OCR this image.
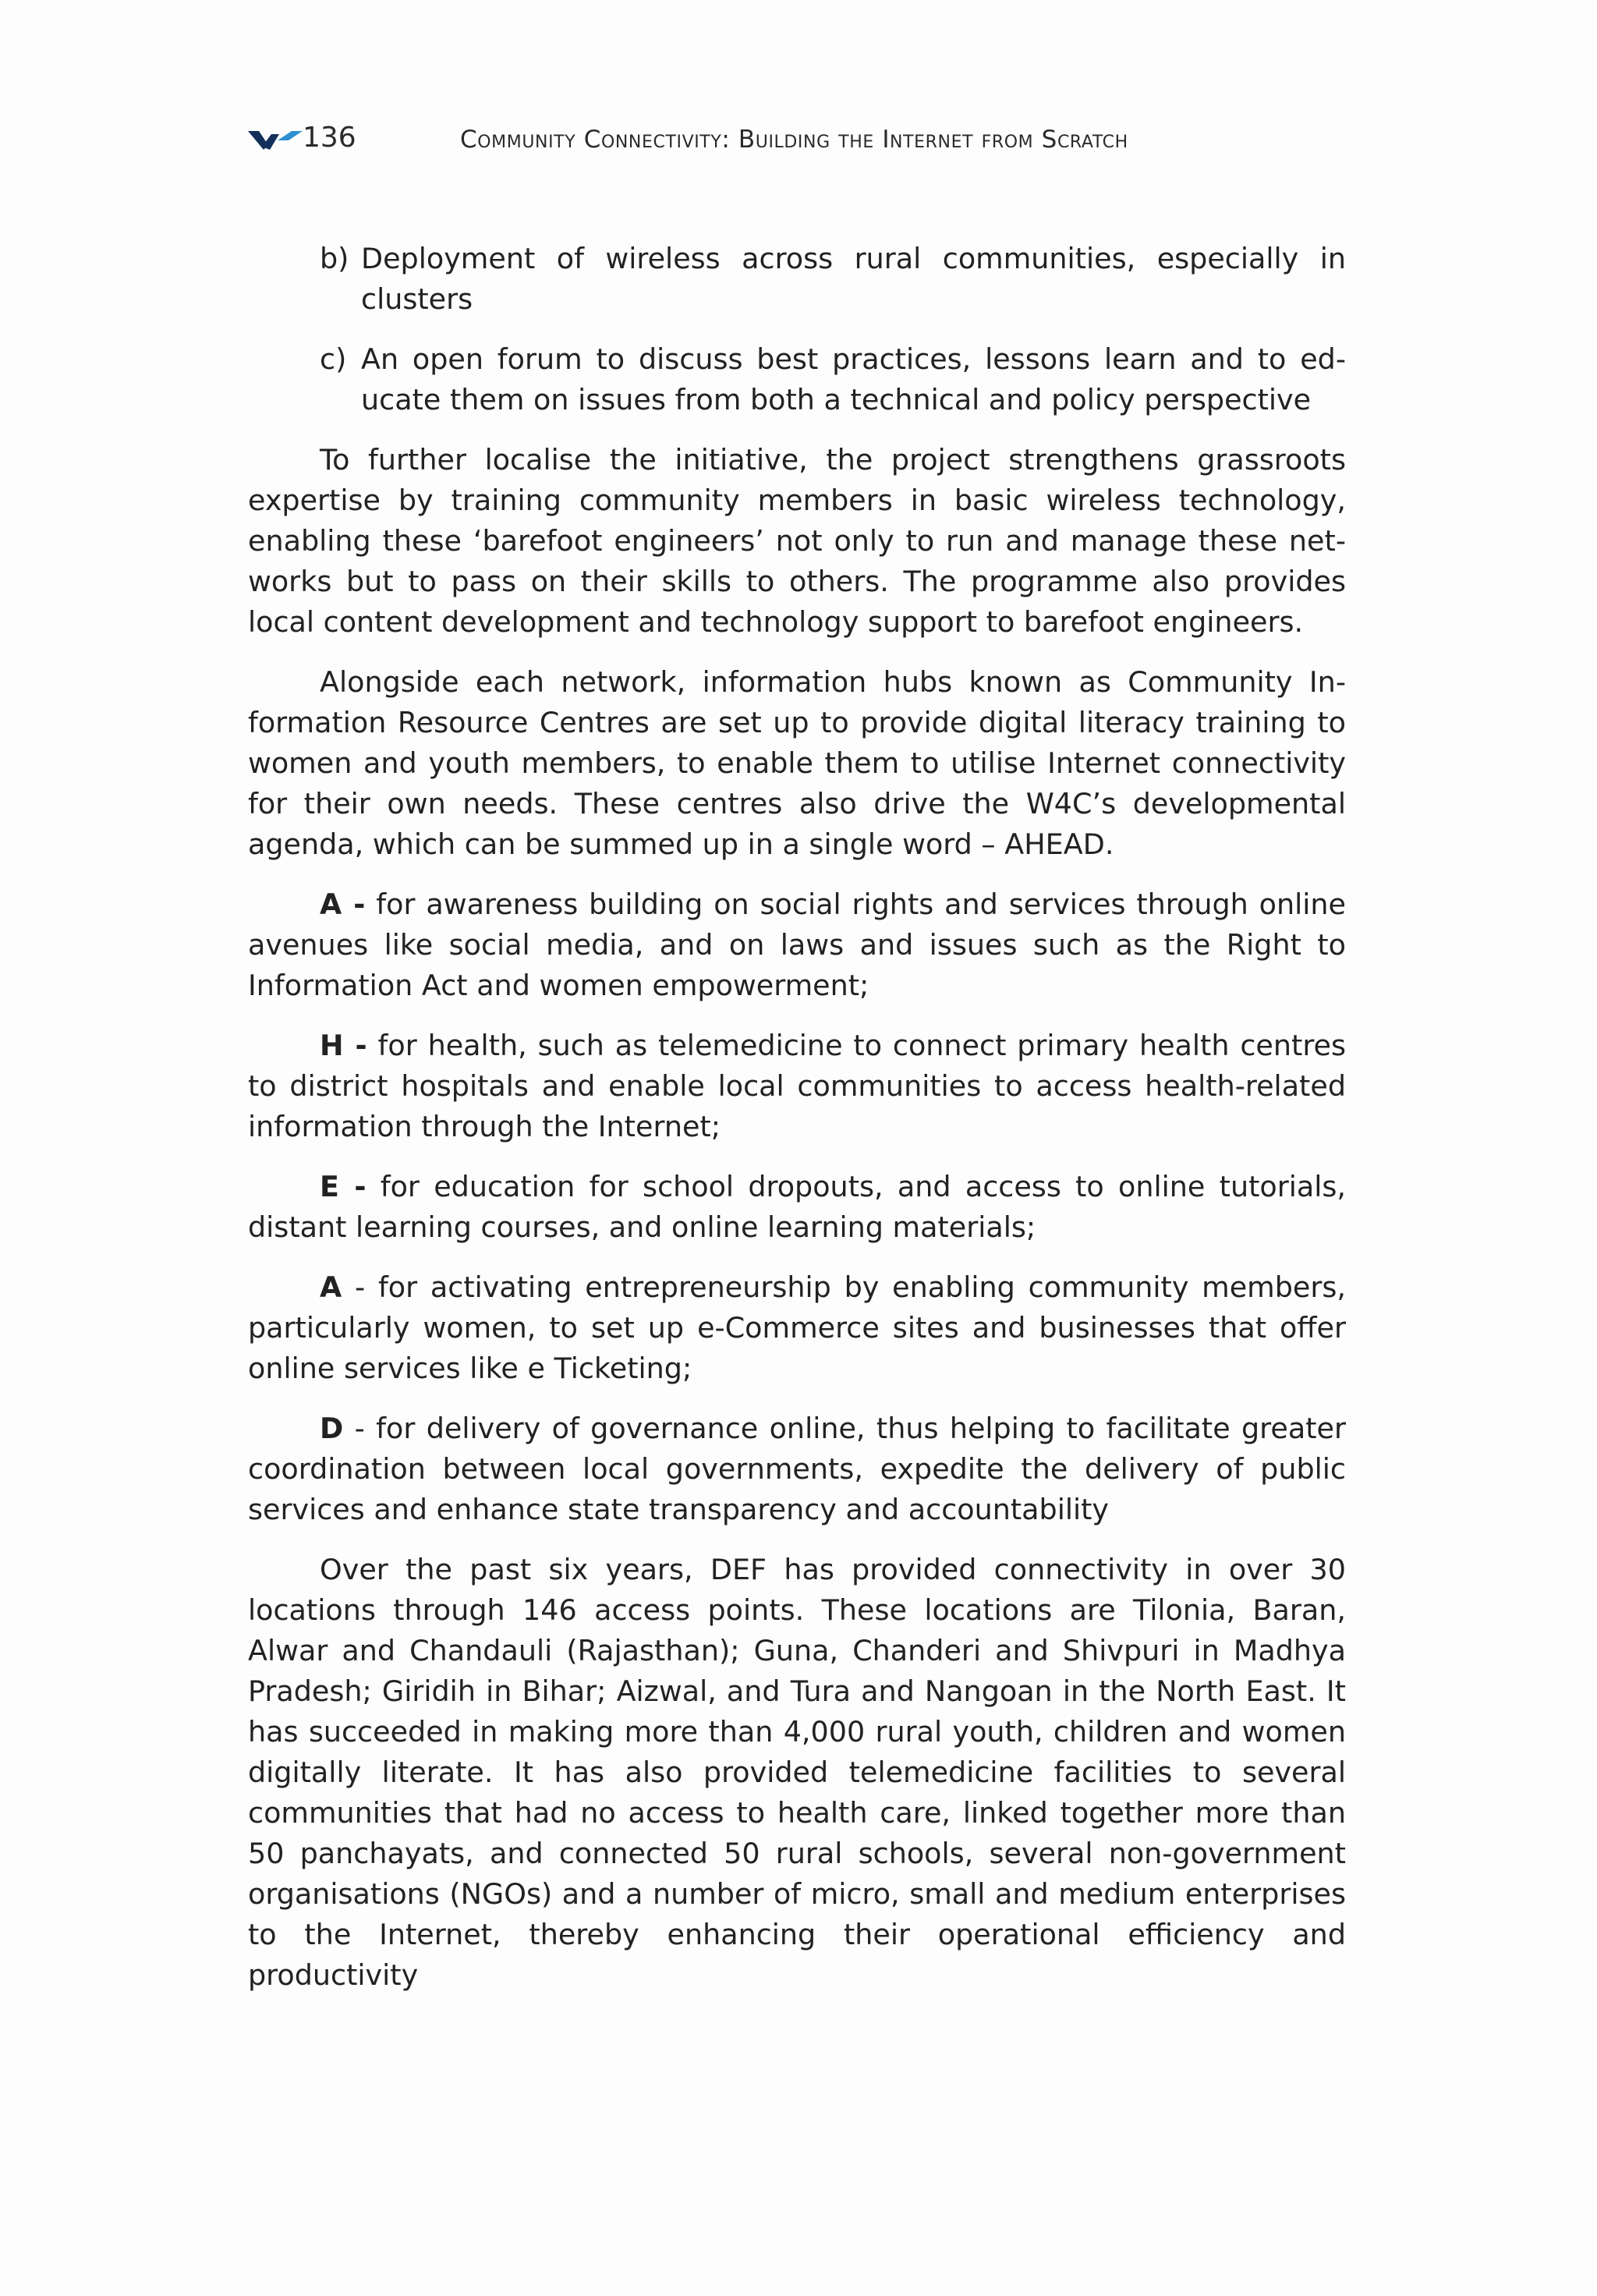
136	Community Connectivity: Building the Internet from Scratch
b) Deployment of wireless across rural communities, especially in clusters
c) An open forum to discuss best practices, lessons learn and to educate them on issues from both a technical and policy perspective

To further localise the initiative, the project strengthens grassroots expertise by training community members in basic wireless technology, enabling these ‘barefoot engineers’ not only to run and manage these networks but to pass on their skills to others. The programme also provides local content development and technology support to barefoot engineers.

Alongside each network, information hubs known as Community Information Resource Centres are set up to provide digital literacy training to women and youth members, to enable them to utilise Internet connectivity for their own needs. These centres also drive the W4C’s developmental agenda, which can be summed up in a single word – AHEAD.

A - for awareness building on social rights and services through online avenues like social media, and on laws and issues such as the Right to Information Act and women empowerment;

H - for health, such as telemedicine to connect primary health centres to district hospitals and enable local communities to access health-related information through the Internet;

E - for education for school dropouts, and access to online tutorials, distant learning courses, and online learning materials;

A - for activating entrepreneurship by enabling community members, particularly women, to set up e-Commerce sites and businesses that offer online services like e Ticketing;

D - for delivery of governance online, thus helping to facilitate greater coordination between local governments, expedite the delivery of public services and enhance state transparency and accountability

Over the past six years, DEF has provided connectivity in over 30 locations through 146 access points. These locations are Tilonia, Baran, Alwar and Chandauli (Rajasthan); Guna, Chanderi and Shivpuri in Madhya Pradesh; Giridih in Bihar; Aizwal, and Tura and Nangoan in the North East. It has succeeded in making more than 4,000 rural youth, children and women digitally literate. It has also provided telemedicine facilities to several communities that had no access to health care, linked together more than 50 panchayats, and connected 50 rural schools, several non-government organisations (NGOs) and a number of micro, small and medium enterprises to the Internet, thereby enhancing their operational efficiency and productivity
